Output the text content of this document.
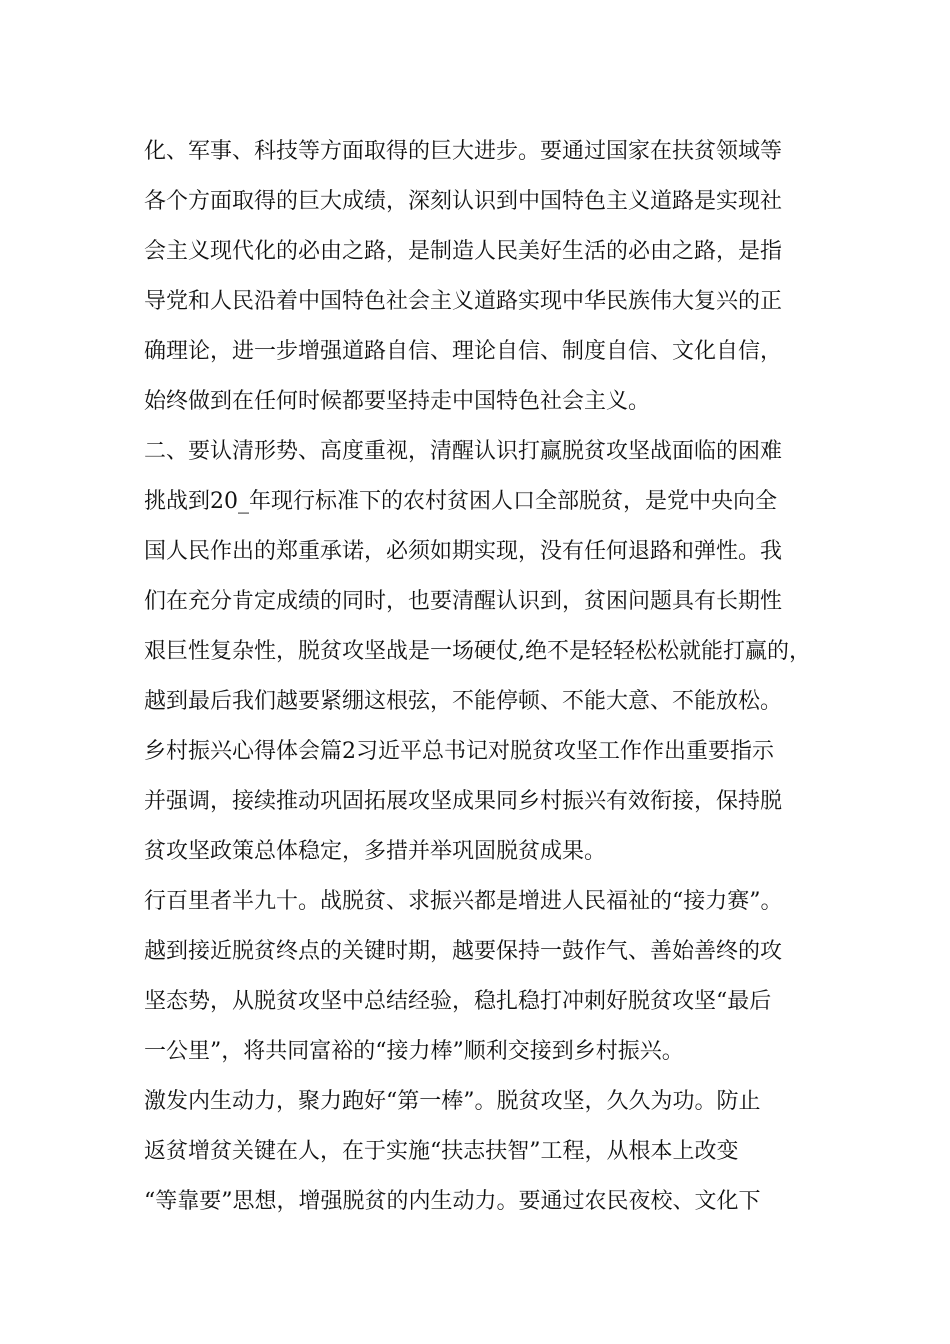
化、军事、科技等方面取得的巨大进步。要通过国家在扶贫领域等
各个方面取得的巨大成绩，深刻认识到中国特色主义道路是实现社
会主义现代化的必由之路，是制造人民美好生活的必由之路，是指
导党和人民沿着中国特色社会主义道路实现中华民族伟大复兴的正
确理论，进一步增强道路自信、理论自信、制度自信、文化自信，
始终做到在任何时候都要坚持走中国特色社会主义。
二、要认清形势、高度重视，清醒认识打赢脱贫攻坚战面临的困难
挑战到20_年现行标准下的农村贫困人口全部脱贫，是党中央向全
国人民作出的郑重承诺，必须如期实现，没有任何退路和弹性。我
们在充分肯定成绩的同时，也要清醒认识到，贫困问题具有长期性
艰巨性复杂性，脱贫攻坚战是一场硬仗,绝不是轻轻松松就能打赢的，
越到最后我们越要紧绷这根弦，不能停顿、不能大意、不能放松。
乡村振兴心得体会篇2习近平总书记对脱贫攻坚工作作出重要指示
并强调，接续推动巩固拓展攻坚成果同乡村振兴有效衔接，保持脱
贫攻坚政策总体稳定，多措并举巩固脱贫成果。
行百里者半九十。战脱贫、求振兴都是增进人民福祉的“接力赛”。
越到接近脱贫终点的关键时期，越要保持一鼓作气、善始善终的攻
坚态势，从脱贫攻坚中总结经验，稳扎稳打冲刺好脱贫攻坚“最后
一公里”，将共同富裕的“接力棒”顺利交接到乡村振兴。
激发内生动力，聚力跑好“第一棒”。脱贫攻坚，久久为功。防止
返贫增贫关键在人，在于实施“扶志扶智”工程，从根本上改变
“等靠要”思想，增强脱贫的内生动力。要通过农民夜校、文化下
